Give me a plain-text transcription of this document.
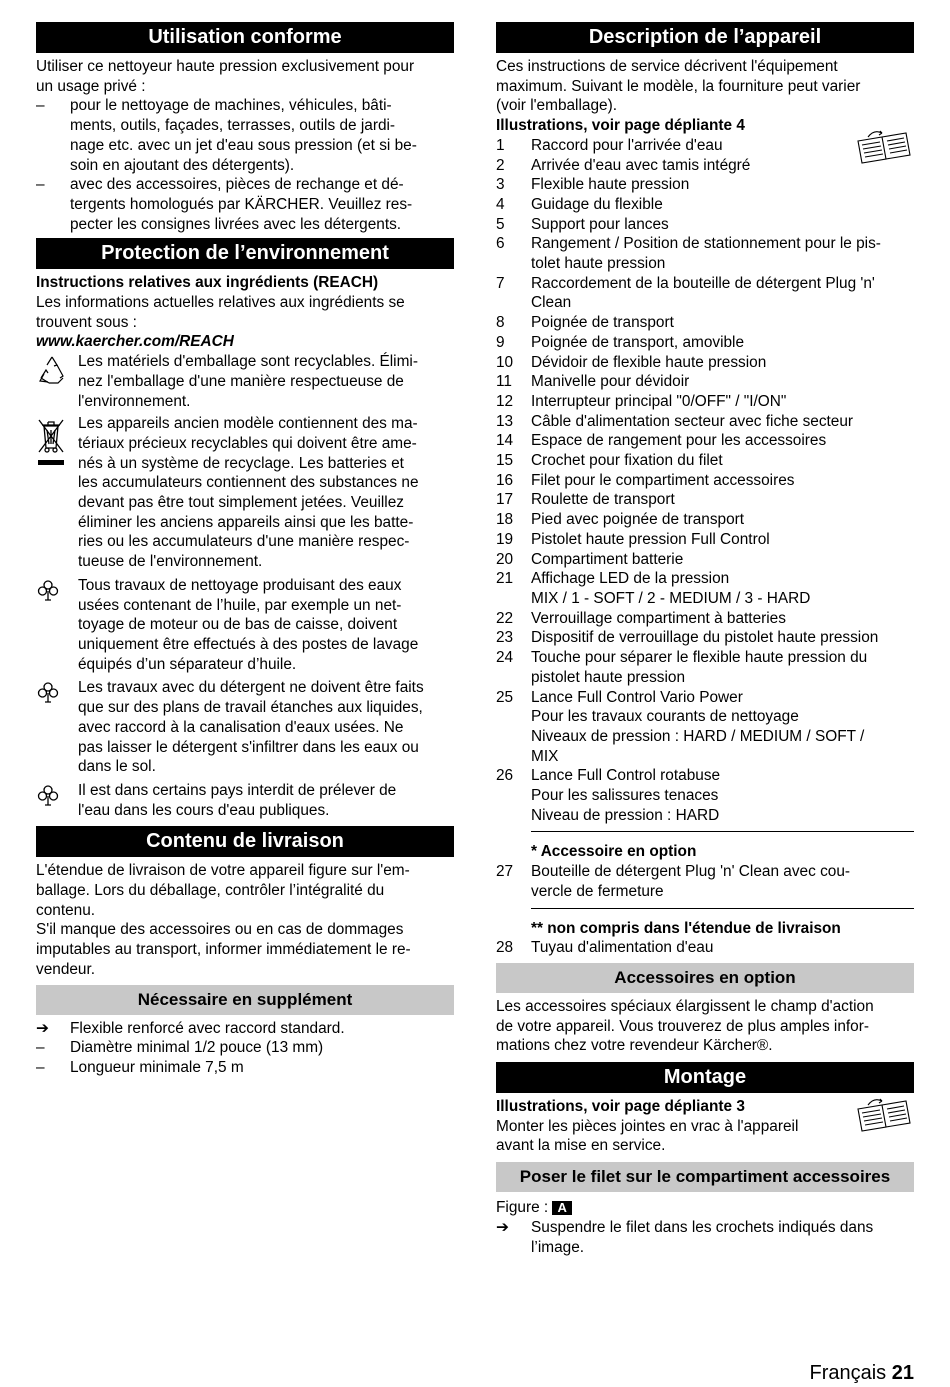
Utilisation conforme

Utiliser ce nettoyeur haute pression exclusivement pour

un usage privé :

–	pour le nettoyage de machines, véhicules, bâti-

ments, outils, façades, terrasses, outils de jardi-

nage etc. avec un jet d'eau sous pression (et si be-

soin en ajoutant des détergents).

–	avec des accessoires, pièces de rechange et dé-

tergents homologués par KÄRCHER. Veuillez res-

pecter les consignes livrées avec les détergents.

Protection de l’environnement

Instructions relatives aux ingrédients (REACH)

Les informations actuelles relatives aux ingrédients se

trouvent sous :

www.kaercher.com/REACH

Les matériels d'emballage sont recyclables. Élimi-

nez l'emballage d'une manière respectueuse de

l'environnement.

Les appareils ancien modèle contiennent des ma-

tériaux précieux recyclables qui doivent être ame-

nés à un système de recyclage. Les batteries et

les accumulateurs contiennent des substances ne

devant pas être tout simplement jetées. Veuillez

éliminer les anciens appareils ainsi que les batte-

ries ou les accumulateurs d'une manière respec-

tueuse de l'environnement.

Tous travaux de nettoyage produisant des eaux

usées contenant de l’huile, par exemple un net-

toyage de moteur ou de bas de caisse, doivent

uniquement être effectués à des postes de lavage

équipés d’un séparateur d’huile.

Les travaux avec du détergent ne doivent être faits

que sur des plans de travail étanches aux liquides,

avec raccord à la canalisation d'eaux usées. Ne

pas laisser le détergent s'infiltrer dans les eaux ou

dans le sol.

Il est dans certains pays interdit de prélever de

l'eau dans les cours d'eau publiques.

Contenu de livraison

L'étendue de livraison de votre appareil figure sur l'em-

ballage. Lors du déballage, contrôler l’intégralité du

contenu.

S'il manque des accessoires ou en cas de dommages

imputables au transport, informer immédiatement le re-

vendeur.

Nécessaire en supplément
➔	Flexible renforcé avec raccord standard.
–	Diamètre minimal 1/2 pouce (13 mm)
–	Longueur minimale 7,5 m
Description de l’appareil

Ces instructions de service décrivent l'équipement

maximum. Suivant le modèle, la fourniture peut varier

(voir l'emballage).

Illustrations, voir page dépliante 4

1	Raccord pour l'arrivée d'eau

2	Arrivée d'eau avec tamis intégré

3	Flexible haute pression

4	Guidage du flexible

5	Support pour lances

6	Rangement / Position de stationnement pour le pis-

tolet haute pression

7	Raccordement de la bouteille de détergent Plug 'n'

Clean

8	Poignée de transport

9	Poignée de transport, amovible

10	Dévidoir de flexible haute pression

11	Manivelle pour dévidoir

12	Interrupteur principal "0/OFF" / "I/ON"

13	Câble d'alimentation secteur avec fiche secteur

14	Espace de rangement pour les accessoires

15	Crochet pour fixation du filet

16	Filet pour le compartiment accessoires

17	Roulette de transport

18	Pied avec poignée de transport

19	Pistolet haute pression Full Control

20	Compartiment batterie

21	Affichage LED de la pression

MIX / 1 - SOFT / 2 - MEDIUM / 3 - HARD

22	Verrouillage compartiment à batteries

23	Dispositif de verrouillage du pistolet haute pression

24	Touche pour séparer le flexible haute pression du

pistolet haute pression

25	Lance Full Control Vario Power

Pour les travaux courants de nettoyage

Niveaux de pression : HARD / MEDIUM / SOFT /

MIX

26	Lance Full Control rotabuse

Pour les salissures tenaces

Niveau de pression : HARD

* Accessoire en option

27	Bouteille de détergent Plug 'n' Clean avec cou-

vercle de fermeture

** non compris dans l'étendue de livraison

28	Tuyau d'alimentation d'eau

Accessoires en option

Les accessoires spéciaux élargissent le champ d'action

de votre appareil. Vous trouverez de plus amples infor-

mations chez votre revendeur Kärcher®.

Montage

Illustrations, voir page dépliante 3

Monter les pièces jointes en vrac à l'appareil

avant la mise en service.

Poser le filet sur le compartiment accessoires

Figure : A

➔	Suspendre le filet dans les crochets indiqués dans

l’image.

Français 21
